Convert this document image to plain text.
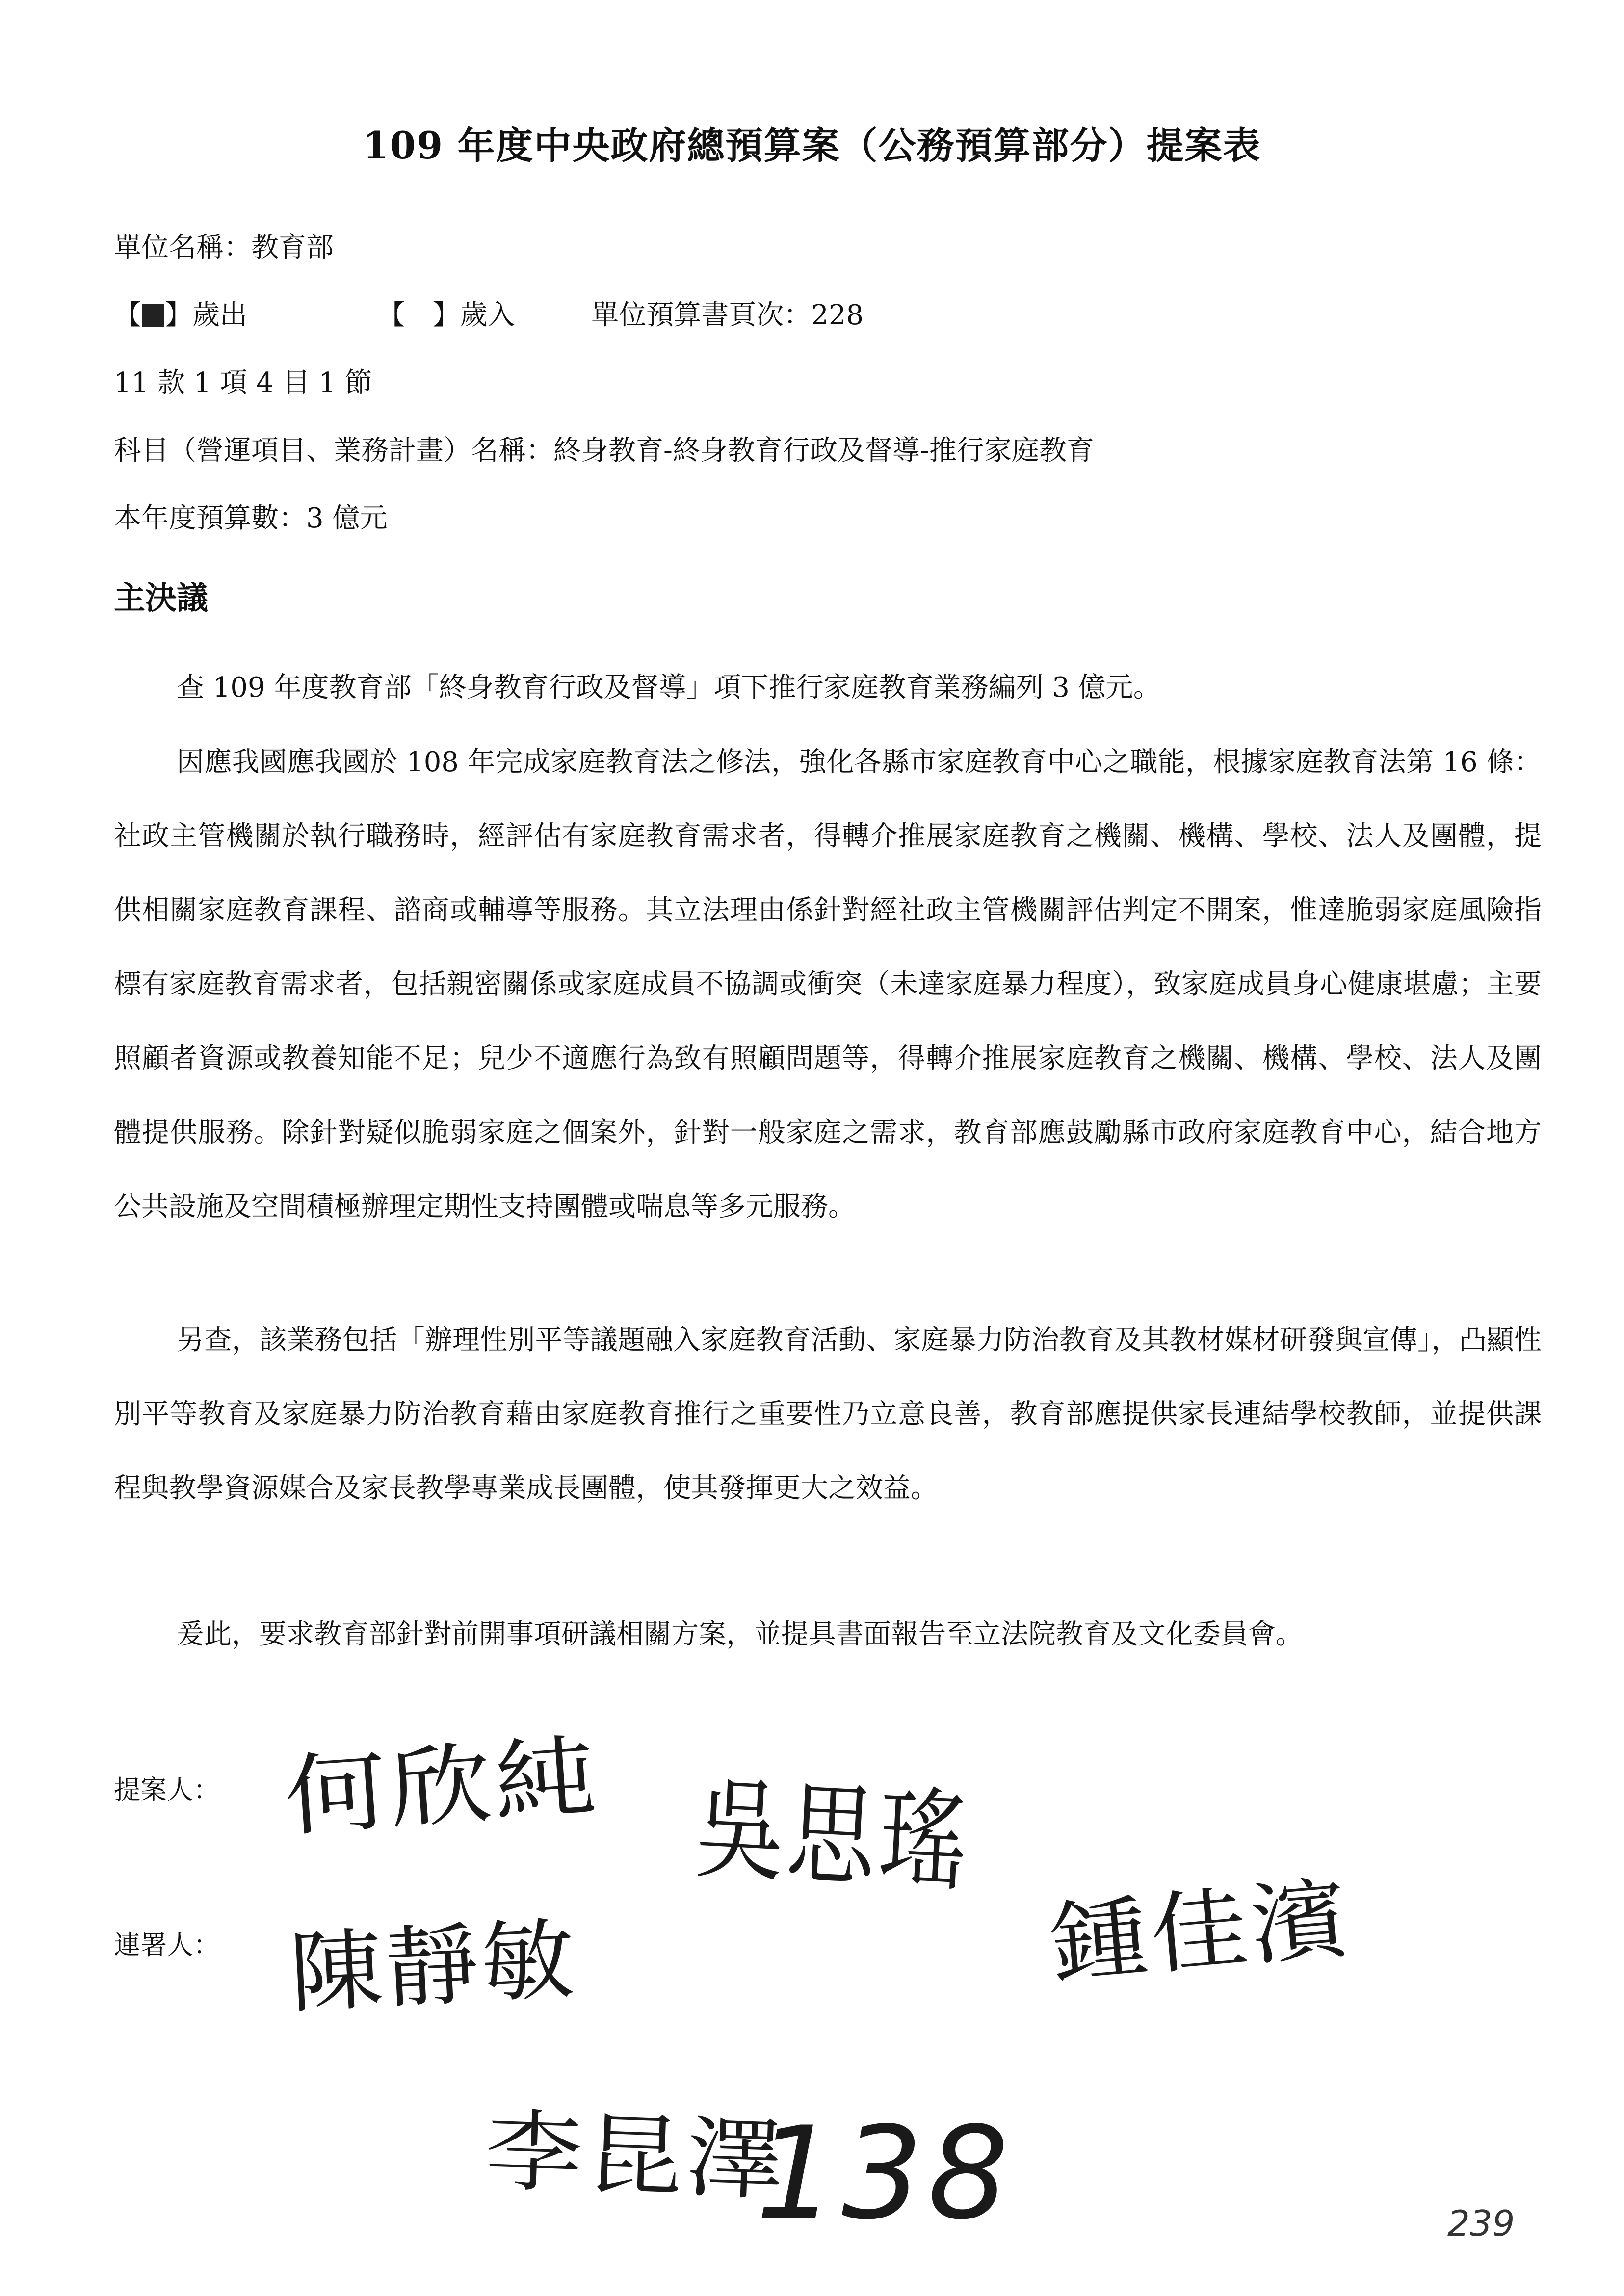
109 年度中央政府總預算案（公務預算部分）提案表
單位名稱：教育部
【 】歲出	【 】歲入	單位預算書頁次：228
11 款 1 項 4 目 1 節
科目（營運項目、業務計畫）名稱：終身教育-終身教育行政及督導-推行家庭教育
本年度預算數：3 億元
主決議

查 109 年度教育部「終身教育行政及督導」項下推行家庭教育業務編列 3 億元。

因應我國應我國於 108 年完成家庭教育法之修法，強化各縣市家庭教育中心之職能，根據家庭教育法第 16 條：社政主管機關於執行職務時，經評估有家庭教育需求者，得轉介推展家庭教育之機關、機構、學校、法人及團體，提供相關家庭教育課程、諮商或輔導等服務。其立法理由係針對經社政主管機關評估判定不開案，惟達脆弱家庭風險指標有家庭教育需求者，包括親密關係或家庭成員不協調或衝突（未達家庭暴力程度），致家庭成員身心健康堪慮；主要照顧者資源或教養知能不足；兒少不適應行為致有照顧問題等，得轉介推展家庭教育之機關、機構、學校、法人及團體提供服務。除針對疑似脆弱家庭之個案外，針對一般家庭之需求，教育部應鼓勵縣市政府家庭教育中心，結合地方公共設施及空間積極辦理定期性支持團體或喘息等多元服務。

另查，該業務包括「辦理性別平等議題融入家庭教育活動、家庭暴力防治教育及其教材媒材研發與宣傳」，凸顯性別平等教育及家庭暴力防治教育藉由家庭教育推行之重要性乃立意良善，教育部應提供家長連結學校教師，並提供課程與教學資源媒合及家長教學專業成長團體，使其發揮更大之效益。

爰此，要求教育部針對前開事項研議相關方案，並提具書面報告至立法院教育及文化委員會。

提案人：
連署人：
何欣純 吳思瑤
陳靜敏	鍾佳濱
李昆澤
138	239
